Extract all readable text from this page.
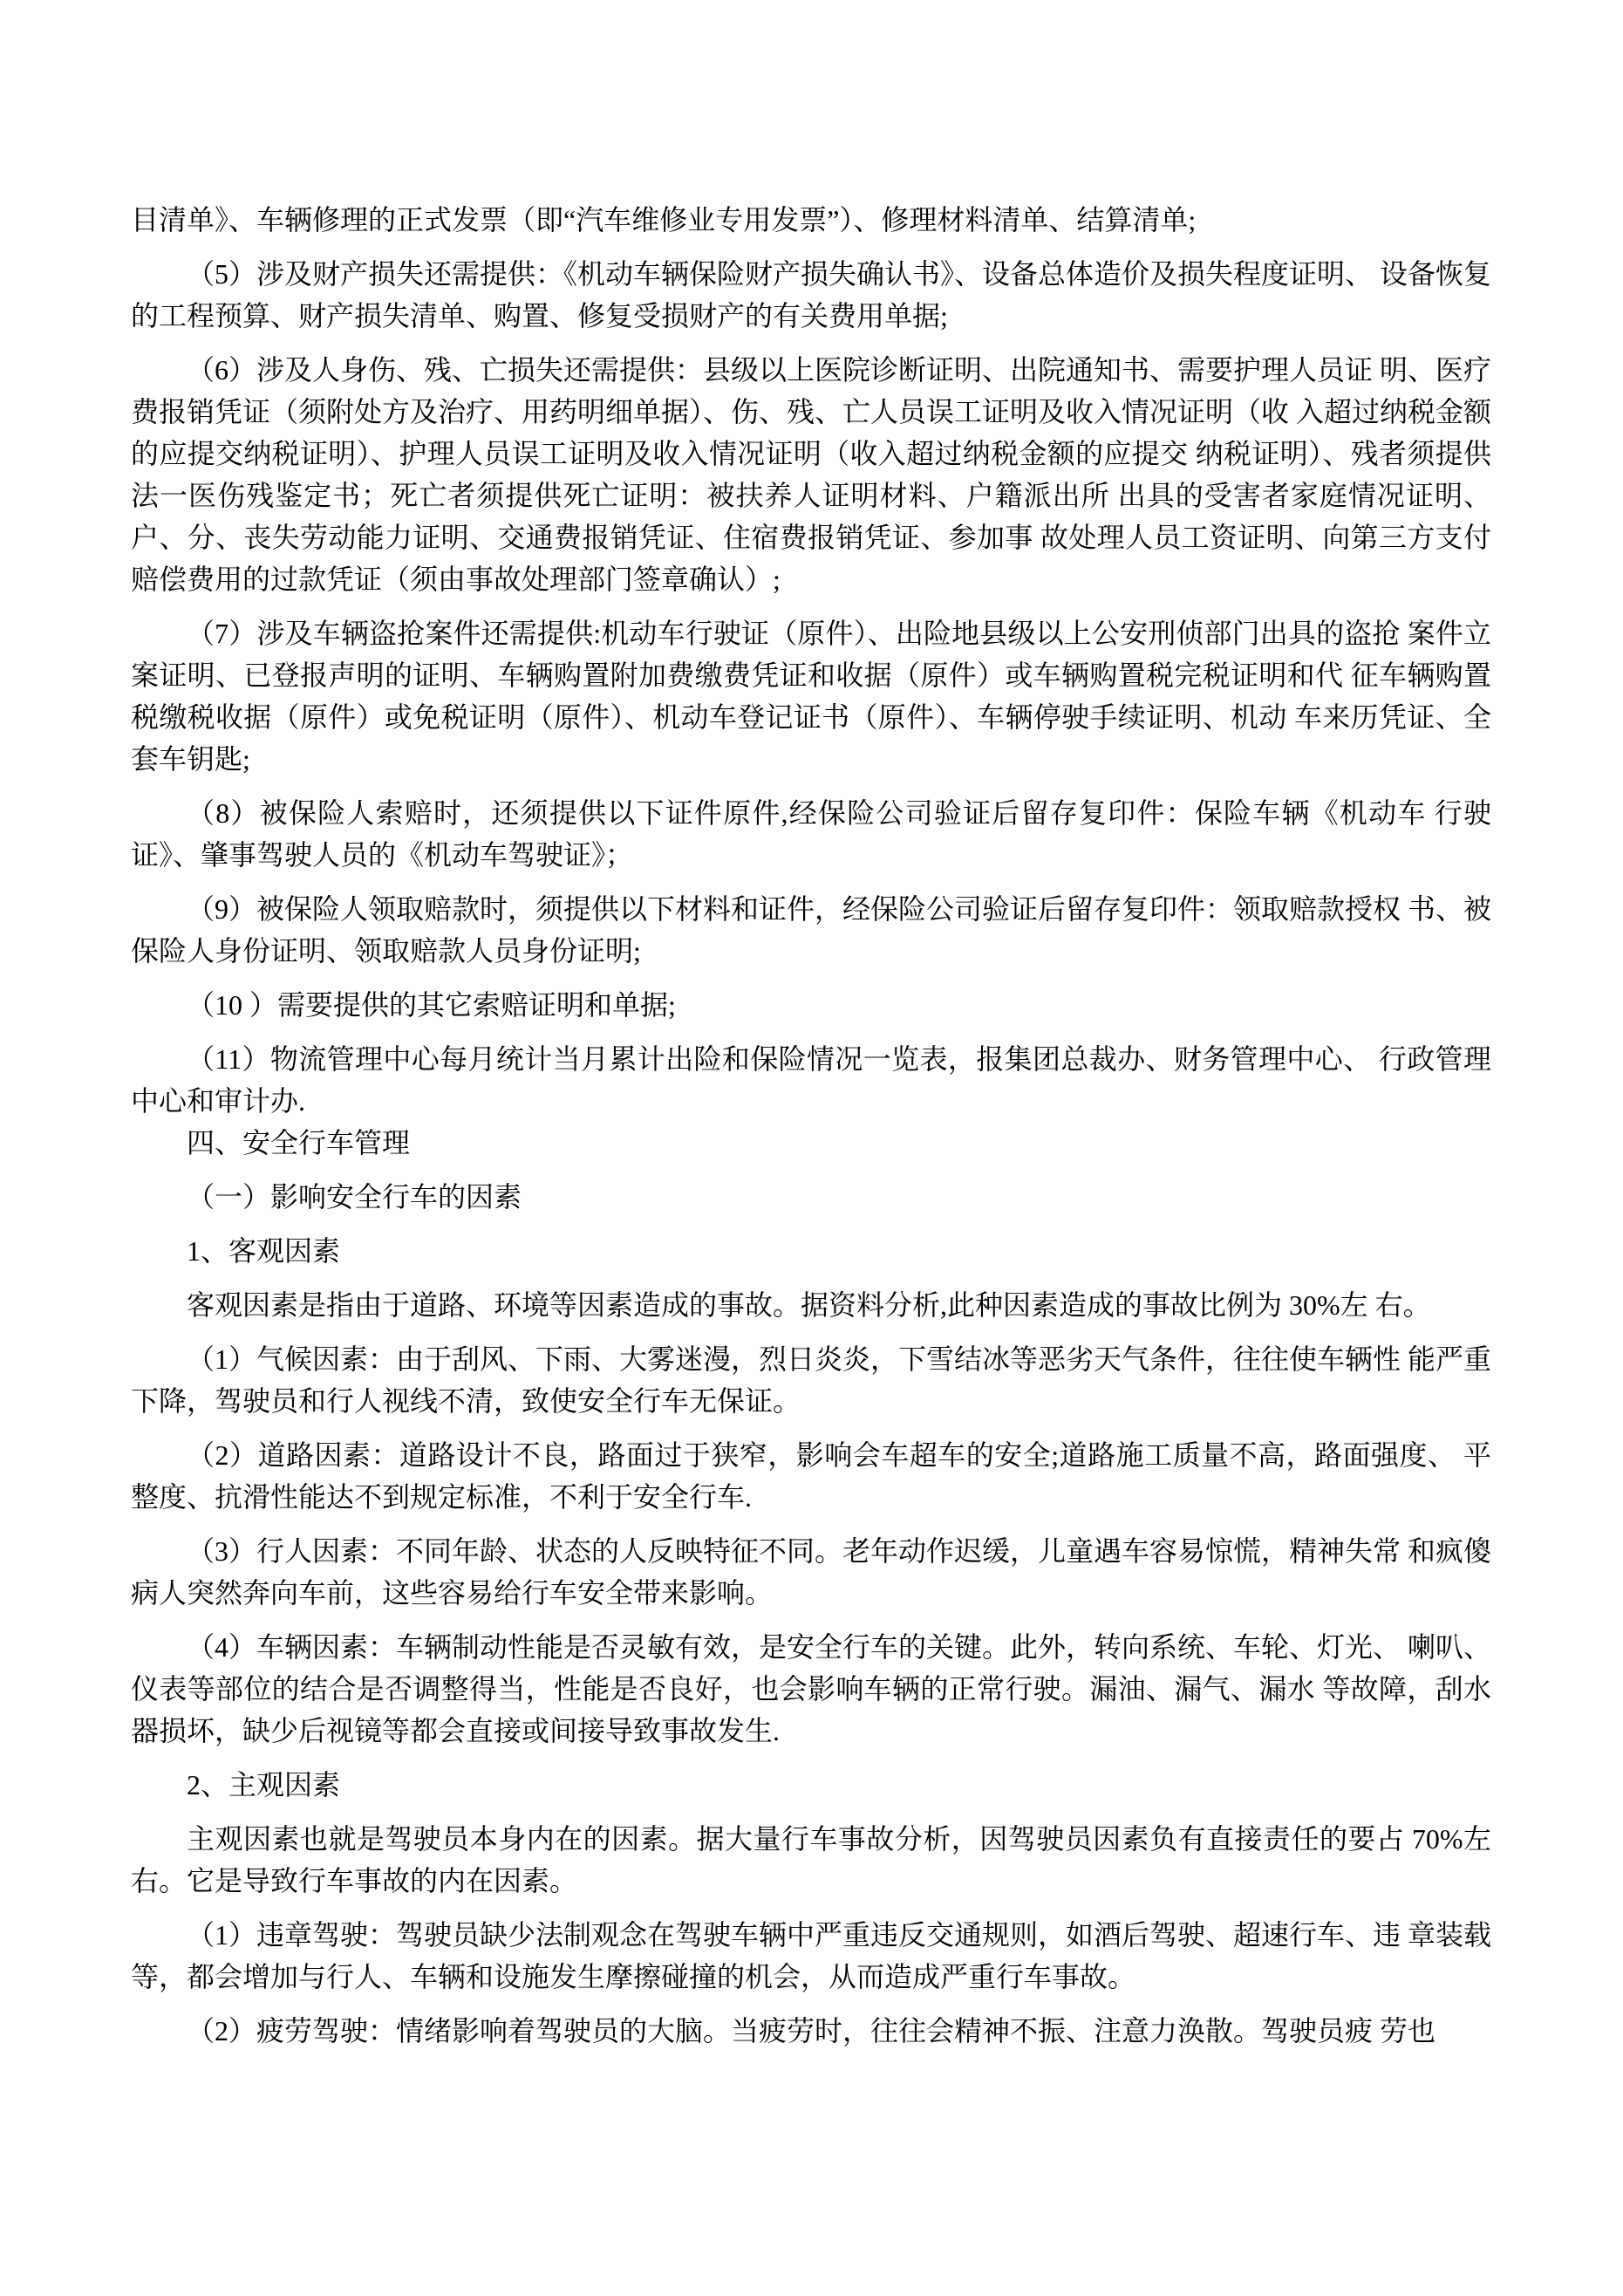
目清单》、车辆修理的正式发票（即“汽车维修业专用发票”）、修理材料清单、结算清单;

（5）涉及财产损失还需提供：《机动车辆保险财产损失确认书》、设备总体造价及损失程度证明、 设备恢复的工程预算、财产损失清单、购置、修复受损财产的有关费用单据;

（6）涉及人身伤、残、亡损失还需提供：县级以上医院诊断证明、出院通知书、需要护理人员证 明、医疗费报销凭证（须附处方及治疗、用药明细单据）、伤、残、亡人员误工证明及收入情况证明（收 入超过纳税金额的应提交纳税证明）、护理人员误工证明及收入情况证明（收入超过纳税金额的应提交 纳税证明）、残者须提供法一医伤残鉴定书；死亡者须提供死亡证明：被扶养人证明材料、户籍派出所 出具的受害者家庭情况证明、户、分、丧失劳动能力证明、交通费报销凭证、住宿费报销凭证、参加事 故处理人员工资证明、向第三方支付赔偿费用的过款凭证（须由事故处理部门签章确认）;

（7）涉及车辆盗抢案件还需提供:机动车行驶证（原件）、出险地县级以上公安刑侦部门出具的盗抢 案件立案证明、已登报声明的证明、车辆购置附加费缴费凭证和收据（原件）或车辆购置税完税证明和代 征车辆购置税缴税收据（原件）或免税证明（原件）、机动车登记证书（原件）、车辆停驶手续证明、机动 车来历凭证、全套车钥匙;

（8）被保险人索赔时，还须提供以下证件原件,经保险公司验证后留存复印件：保险车辆《机动车 行驶证》、肇事驾驶人员的《机动车驾驶证》；

（9）被保险人领取赔款时，须提供以下材料和证件，经保险公司验证后留存复印件：领取赔款授权 书、被保险人身份证明、领取赔款人员身份证明;

（10 ）需要提供的其它索赔证明和单据;

（11）物流管理中心每月统计当月累计出险和保险情况一览表，报集团总裁办、财务管理中心、 行政管理中心和审计办.

四、安全行车管理

（一）影响安全行车的因素

1、客观因素

客观因素是指由于道路、环境等因素造成的事故。据资料分析,此种因素造成的事故比例为 30%左 右。

（1）气候因素：由于刮风、下雨、大雾迷漫，烈日炎炎，下雪结冰等恶劣天气条件，往往使车辆性 能严重下降，驾驶员和行人视线不清，致使安全行车无保证。

（2）道路因素：道路设计不良，路面过于狭窄，影响会车超车的安全;道路施工质量不高，路面强度、 平整度、抗滑性能达不到规定标准，不利于安全行车.

（3）行人因素：不同年龄、状态的人反映特征不同。老年动作迟缓，儿童遇车容易惊慌，精神失常 和疯傻病人突然奔向车前，这些容易给行车安全带来影响。

（4）车辆因素：车辆制动性能是否灵敏有效，是安全行车的关键。此外，转向系统、车轮、灯光、 喇叭、仪表等部位的结合是否调整得当，性能是否良好，也会影响车辆的正常行驶。漏油、漏气、漏水 等故障，刮水器损坏，缺少后视镜等都会直接或间接导致事故发生.

2、主观因素

主观因素也就是驾驶员本身内在的因素。据大量行车事故分析，因驾驶员因素负有直接责任的要占 70%左右。它是导致行车事故的内在因素。

（1）违章驾驶：驾驶员缺少法制观念在驾驶车辆中严重违反交通规则，如酒后驾驶、超速行车、违 章装载等，都会增加与行人、车辆和设施发生摩擦碰撞的机会，从而造成严重行车事故。

（2）疲劳驾驶：情绪影响着驾驶员的大脑。当疲劳时，往往会精神不振、注意力涣散。驾驶员疲 劳也
